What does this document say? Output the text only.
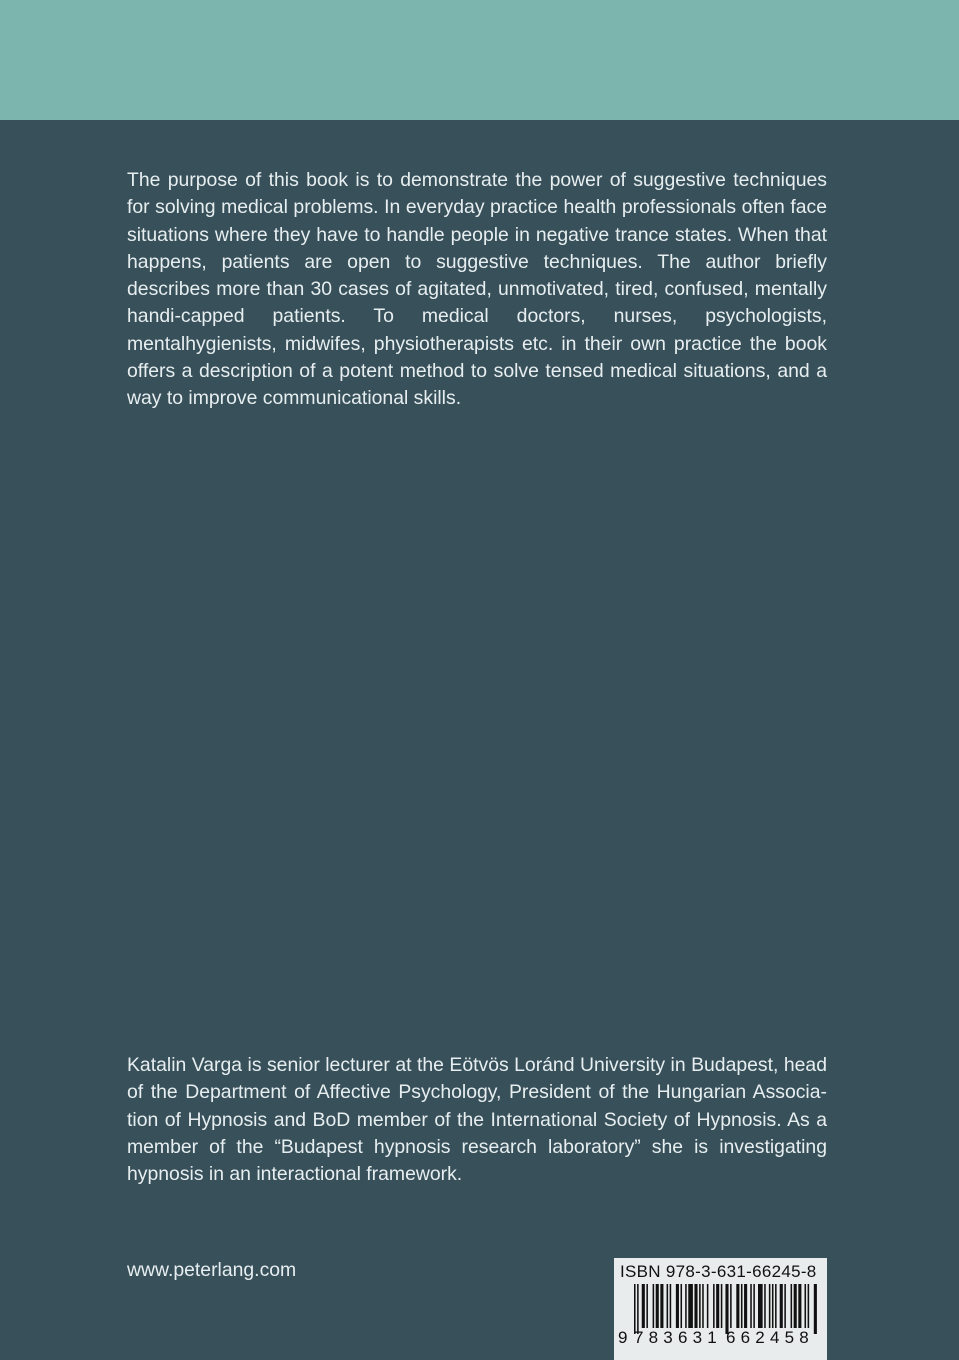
The purpose of this book is to demonstrate the power of suggestive techniques for solving medical problems. In everyday practice health professionals often face situations where they have to handle people in negative trance states. When that happens, patients are open to suggestive techniques. The author briefly describes more than 30 cases of agitated, unmotivated, tired, confused, mentally handi-capped patients. To medical doctors, nurses, psychologists, mentalhygienists, midwifes, physiotherapists etc. in their own practice the book offers a description of a potent method to solve tensed medical situations, and a way to improve communicational skills.

Katalin Varga is senior lecturer at the Eötvös Loránd University in Budapest, head of the Department of Affective Psychology, President of the Hungarian Associa-tion of Hypnosis and BoD member of the International Society of Hypnosis. As a member of the “Budapest hypnosis research laboratory” she is investigating hypnosis in an interactional framework.

www.peterlang.com	ISBN 978-3-631-66245-8
9 783631 662458
